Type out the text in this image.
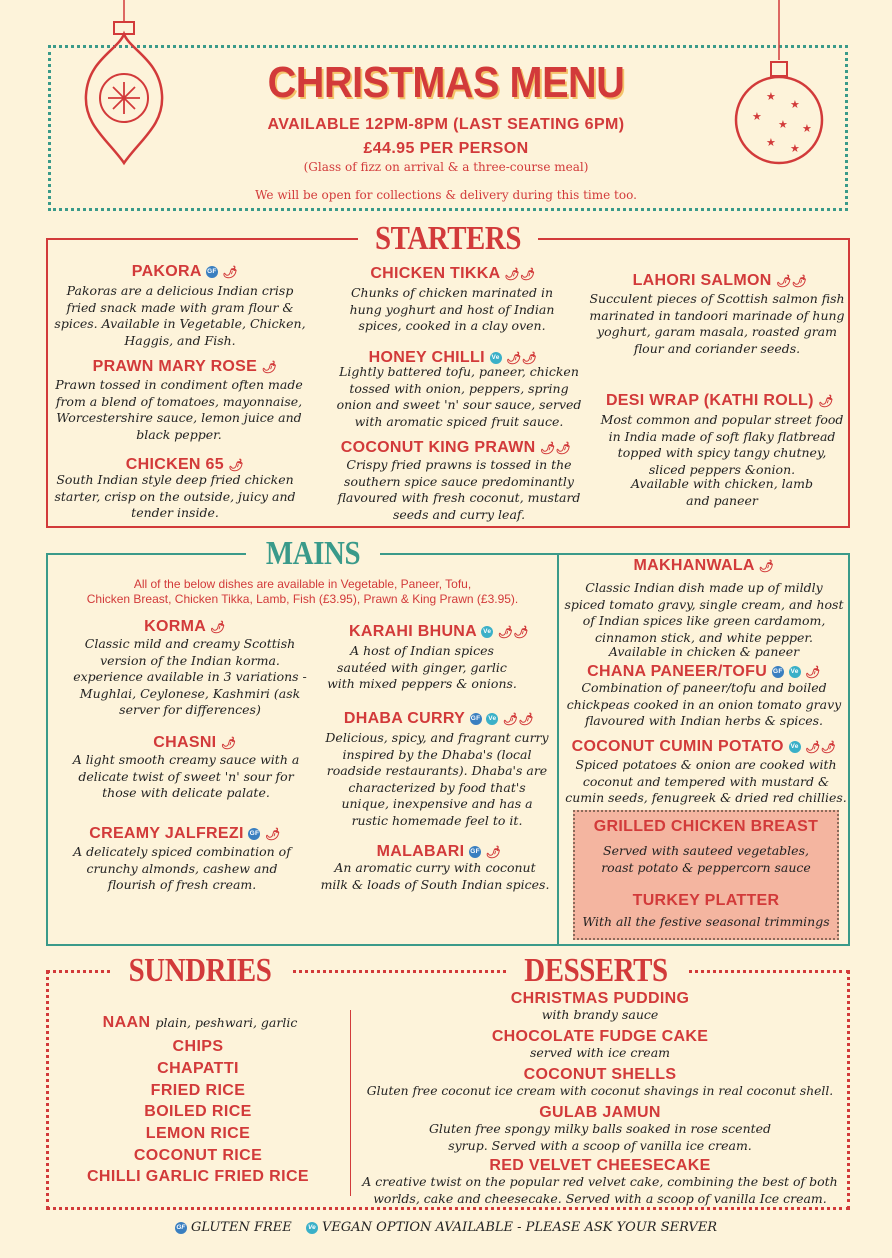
★
★
★
★ ★
★ ★
CHRISTMAS MENU
AVAILABLE 12PM-8PM (LAST SEATING 6PM)
£44.95 PER PERSON
(Glass of fizz on arrival & a three-course meal)
We will be open for collections & delivery during this time too.
STARTERS
PAKORA GF 🌶
Pakoras are a delicious Indian crisp fried snack made with gram flour & spices. Available in Vegetable, Chicken, Haggis, and Fish.
PRAWN MARY ROSE 🌶
Prawn tossed in condiment often made from a blend of tomatoes, mayonnaise, Worcestershire sauce, lemon juice and black pepper.
CHICKEN 65 🌶
South Indian style deep fried chicken starter, crisp on the outside, juicy and tender inside.
CHICKEN TIKKA 🌶🌶
Chunks of chicken marinated in hung yoghurt and host of Indian spices, cooked in a clay oven.
HONEY CHILLI Ve 🌶🌶
Lightly battered tofu, paneer, chicken tossed with onion, peppers, spring onion and sweet 'n' sour sauce, served with aromatic spiced fruit sauce.
COCONUT KING PRAWN 🌶🌶
Crispy fried prawns is tossed in the southern spice sauce predominantly flavoured with fresh coconut, mustard seeds and curry leaf.
LAHORI SALMON 🌶🌶
Succulent pieces of Scottish salmon fish marinated in tandoori marinade of hung yoghurt, garam masala, roasted gram flour and coriander seeds.
DESI WRAP (KATHI ROLL) 🌶
Most common and popular street food in India made of soft flaky flatbread topped with spicy tangy chutney, sliced peppers &onion.
Available with chicken, lamb and paneer
MAINS
All of the below dishes are available in Vegetable, Paneer, Tofu,
Chicken Breast, Chicken Tikka, Lamb, Fish (£3.95), Prawn & King Prawn (£3.95).
KORMA 🌶
Classic mild and creamy Scottish version of the Indian korma. experience available in 3 variations - Mughlai, Ceylonese, Kashmiri (ask server for differences)
CHASNI 🌶
A light smooth creamy sauce with a delicate twist of sweet 'n' sour for those with delicate palate.
CREAMY JALFREZI GF 🌶
A delicately spiced combination of crunchy almonds, cashew and flourish of fresh cream.
KARAHI BHUNA Ve 🌶🌶
A host of Indian spices sautéed with ginger, garlic with mixed peppers & onions.
DHABA CURRY GF Ve 🌶🌶
Delicious, spicy, and fragrant curry inspired by the Dhaba's (local roadside restaurants). Dhaba's are characterized by food that's unique, inexpensive and has a rustic homemade feel to it.
MALABARI GF 🌶
An aromatic curry with coconut milk & loads of South Indian spices.
MAKHANWALA 🌶
Classic Indian dish made up of mildly spiced tomato gravy, single cream, and host of Indian spices like green cardamom, cinnamon stick, and white pepper.
Available in chicken & paneer
CHANA PANEER/TOFU GF Ve 🌶
Combination of paneer/tofu and boiled chickpeas cooked in an onion tomato gravy flavoured with Indian herbs & spices.
COCONUT CUMIN POTATO Ve 🌶🌶
Spiced potatoes & onion are cooked with coconut and tempered with mustard & cumin seeds, fenugreek & dried red chillies.
GRILLED CHICKEN BREAST
Served with sauteed vegetables, roast potato & peppercorn sauce
TURKEY PLATTER
With all the festive seasonal trimmings
SUNDRIES	DESSERTS
NAAN plain, peshwari, garlic
CHIPS
CHAPATTI
FRIED RICE
BOILED RICE
LEMON RICE
COCONUT RICE
CHILLI GARLIC FRIED RICE
CHRISTMAS PUDDING
with brandy sauce
CHOCOLATE FUDGE CAKE
served with ice cream
COCONUT SHELLS
Gluten free coconut ice cream with coconut shavings in real coconut shell.
GULAB JAMUN
Gluten free spongy milky balls soaked in rose scented syrup. Served with a scoop of vanilla ice cream.
RED VELVET CHEESECAKE
A creative twist on the popular red velvet cake, combining the best of both worlds, cake and cheesecake. Served with a scoop of vanilla Ice cream.
GF GLUTEN FREE	Ve VEGAN OPTION AVAILABLE - PLEASE ASK YOUR SERVER
